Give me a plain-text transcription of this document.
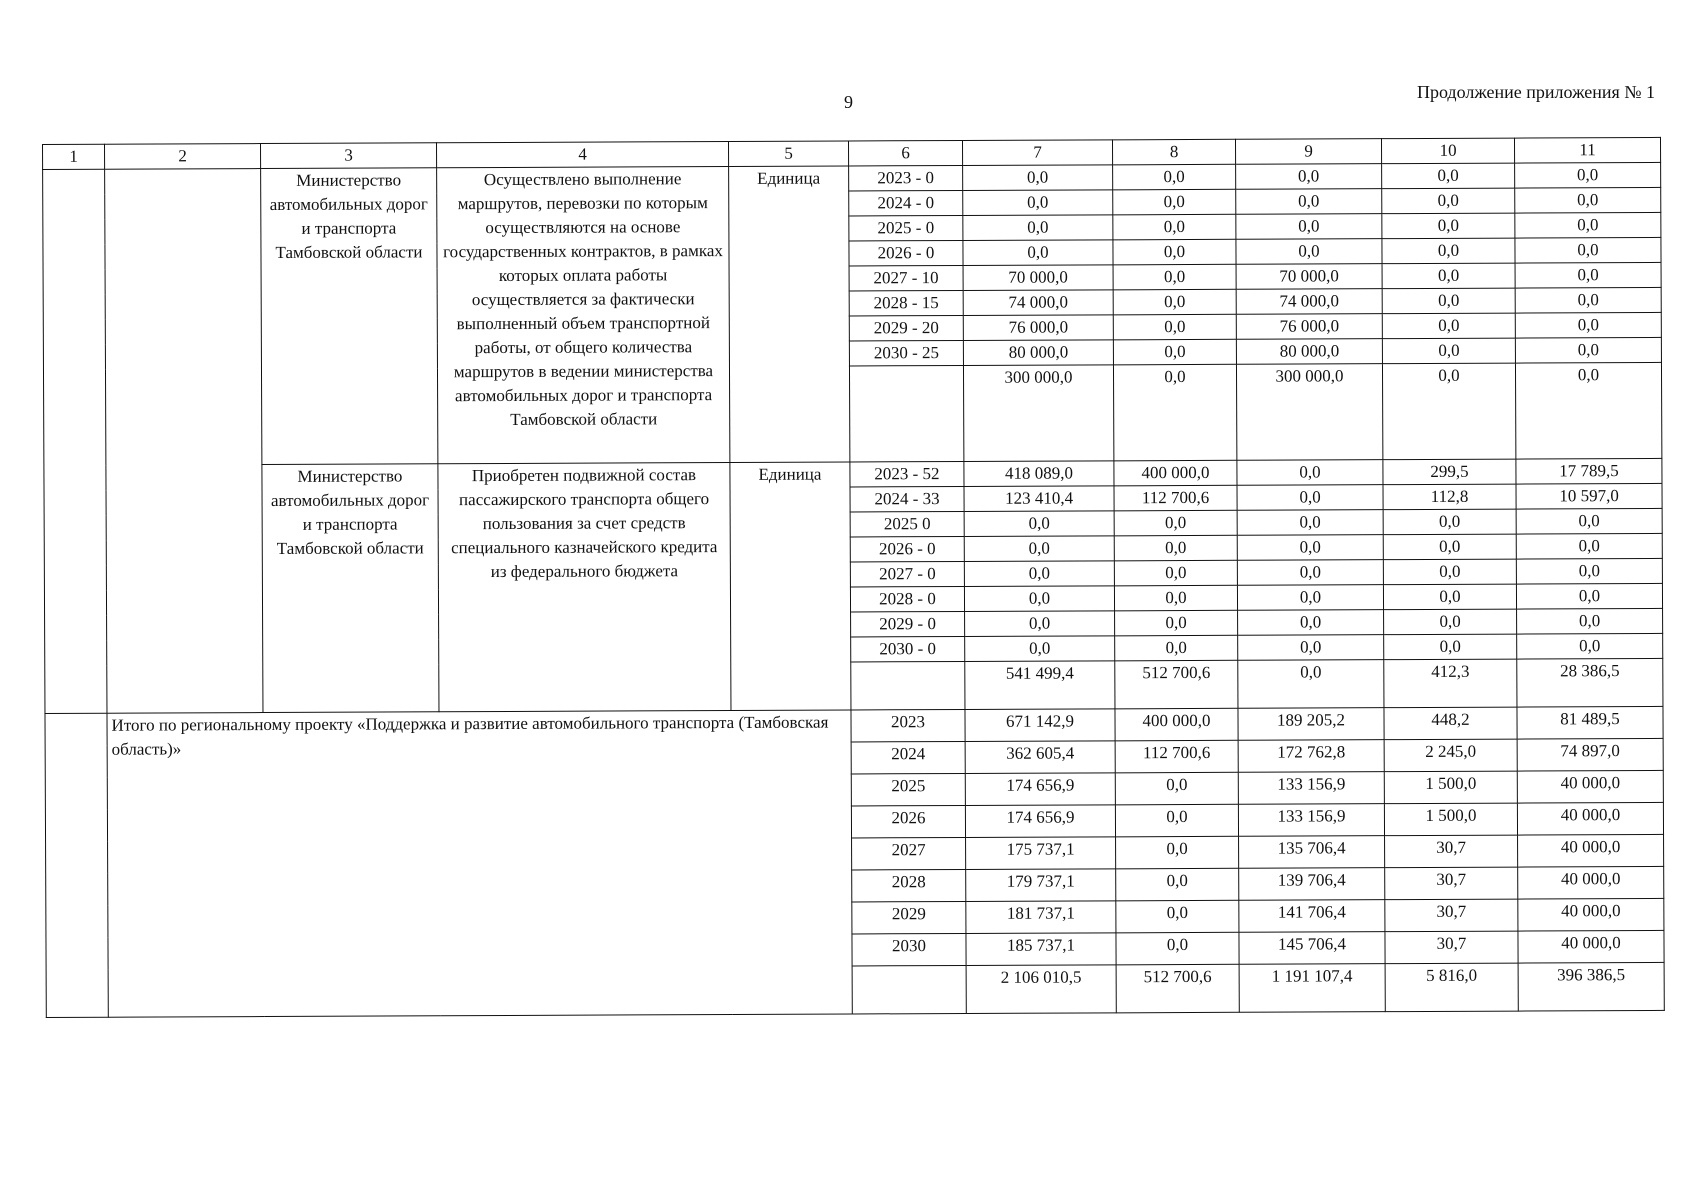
9	Продолжение приложения № 1
1	2	3	4	5	6	7	8	9	10	11
		Министерство автомобильных дорог и транспорта Тамбовской области	Осуществлено выполнение маршрутов, перевозки по которым осуществляются на основе государственных контрактов, в рамках которых оплата работы осуществляется за фактически выполненный объем транспортной работы, от общего количества маршрутов в ведении министерства автомобильных дорог и транспорта Тамбовской области	Единица	2023 - 0	0,0	0,0	0,0	0,0	0,0
					2024 - 0	0,0	0,0	0,0	0,0	0,0
					2025 - 0	0,0	0,0	0,0	0,0	0,0
					2026 - 0	0,0	0,0	0,0	0,0	0,0
					2027 - 10	70 000,0	0,0	70 000,0	0,0	0,0
					2028 - 15	74 000,0	0,0	74 000,0	0,0	0,0
					2029 - 20	76 000,0	0,0	76 000,0	0,0	0,0
					2030 - 25	80 000,0	0,0	80 000,0	0,0	0,0
						300 000,0	0,0	300 000,0	0,0	0,0
		Министерство автомобильных дорог и транспорта Тамбовской области	Приобретен подвижной состав пассажирского транспорта общего пользования за счет средств специального казначейского кредита из федерального бюджета	Единица	2023 - 52	418 089,0	400 000,0	0,0	299,5	17 789,5
					2024 - 33	123 410,4	112 700,6	0,0	112,8	10 597,0
					2025 0	0,0	0,0	0,0	0,0	0,0
					2026 - 0	0,0	0,0	0,0	0,0	0,0
					2027 - 0	0,0	0,0	0,0	0,0	0,0
					2028 - 0	0,0	0,0	0,0	0,0	0,0
					2029 - 0	0,0	0,0	0,0	0,0	0,0
					2030 - 0	0,0	0,0	0,0	0,0	0,0
						541 499,4	512 700,6	0,0	412,3	28 386,5
	Итого по региональному проекту «Поддержка и развитие автомобильного транспорта (Тамбовская область)»				2023	671 142,9	400 000,0	189 205,2	448,2	81 489,5
					2024	362 605,4	112 700,6	172 762,8	2 245,0	74 897,0
					2025	174 656,9	0,0	133 156,9	1 500,0	40 000,0
					2026	174 656,9	0,0	133 156,9	1 500,0	40 000,0
					2027	175 737,1	0,0	135 706,4	30,7	40 000,0
					2028	179 737,1	0,0	139 706,4	30,7	40 000,0
					2029	181 737,1	0,0	141 706,4	30,7	40 000,0
					2030	185 737,1	0,0	145 706,4	30,7	40 000,0
						2 106 010,5	512 700,6	1 191 107,4	5 816,0	396 386,5
